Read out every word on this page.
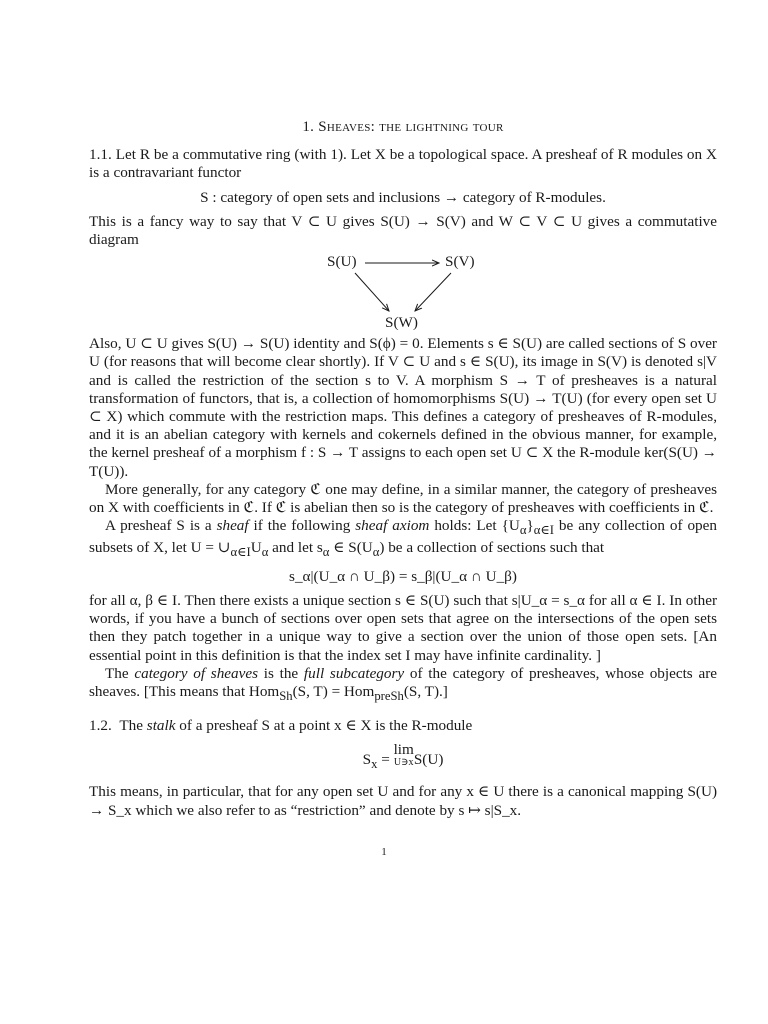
1. Sheaves: the lightning tour

1.1. Let R be a commutative ring (with 1). Let X be a topological space. A presheaf of R modules on X is a contravariant functor

S : category of open sets and inclusions → category of R-modules.

This is a fancy way to say that V ⊂ U gives S(U) → S(V) and W ⊂ V ⊂ U gives a commutative diagram

S(U)	S(V)
S(W)

Also, U ⊂ U gives S(U) → S(U) identity and S(ϕ) = 0. Elements s ∈ S(U) are called sections of S over U (for reasons that will become clear shortly). If V ⊂ U and s ∈ S(U), its image in S(V) is denoted s|V and is called the restriction of the section s to V. A morphism S → T of presheaves is a natural transformation of functors, that is, a collection of homomorphisms S(U) → T(U) (for every open set U ⊂ X) which commute with the restriction maps. This defines a category of presheaves of R-modules, and it is an abelian category with kernels and cokernels defined in the obvious manner, for example, the kernel presheaf of a morphism f : S → T assigns to each open set U ⊂ X the R-module ker(S(U) → T(U)).

More generally, for any category ℭ one may define, in a similar manner, the category of presheaves on X with coefficients in ℭ. If ℭ is abelian then so is the category of presheaves with coefficients in ℭ.

A presheaf S is a sheaf if the following sheaf axiom holds: Let $\{U_\alpha\}_{\alpha\in I}$ be any collection of open subsets of X, let $U = \cup_{\alpha\in I}U_\alpha$ and let $s_\alpha$ ∈ $S(U_\alpha)$ be a collection of sections such that

s_α|(U_α ∩ U_β) = s_β|(U_α ∩ U_β)

for all α, β ∈ I. Then there exists a unique section s ∈ S(U) such that s|U_α = s_α for all α ∈ I. In other words, if you have a bunch of sections over open sets that agree on the intersections of the open sets then they patch together in a unique way to give a section over the union of those open sets. [An essential point in this definition is that the index set I may have infinite cardinality. ]

The category of sheaves is the full subcategory of the category of presheaves, whose objects are sheaves. [This means that Hom$_{Sh}$(S, T) = Hom$_{preSh}$(S, T).]

1.2. The stalk of a presheaf S at a point x ∈ X is the R-module

$S_x = \lim$
U∋x S(U)

This means, in particular, that for any open set U and for any x ∈ U there is a canonical mapping S(U) → S_x which we also refer to as “restriction” and denote by s ↦ s|S_x.

1
